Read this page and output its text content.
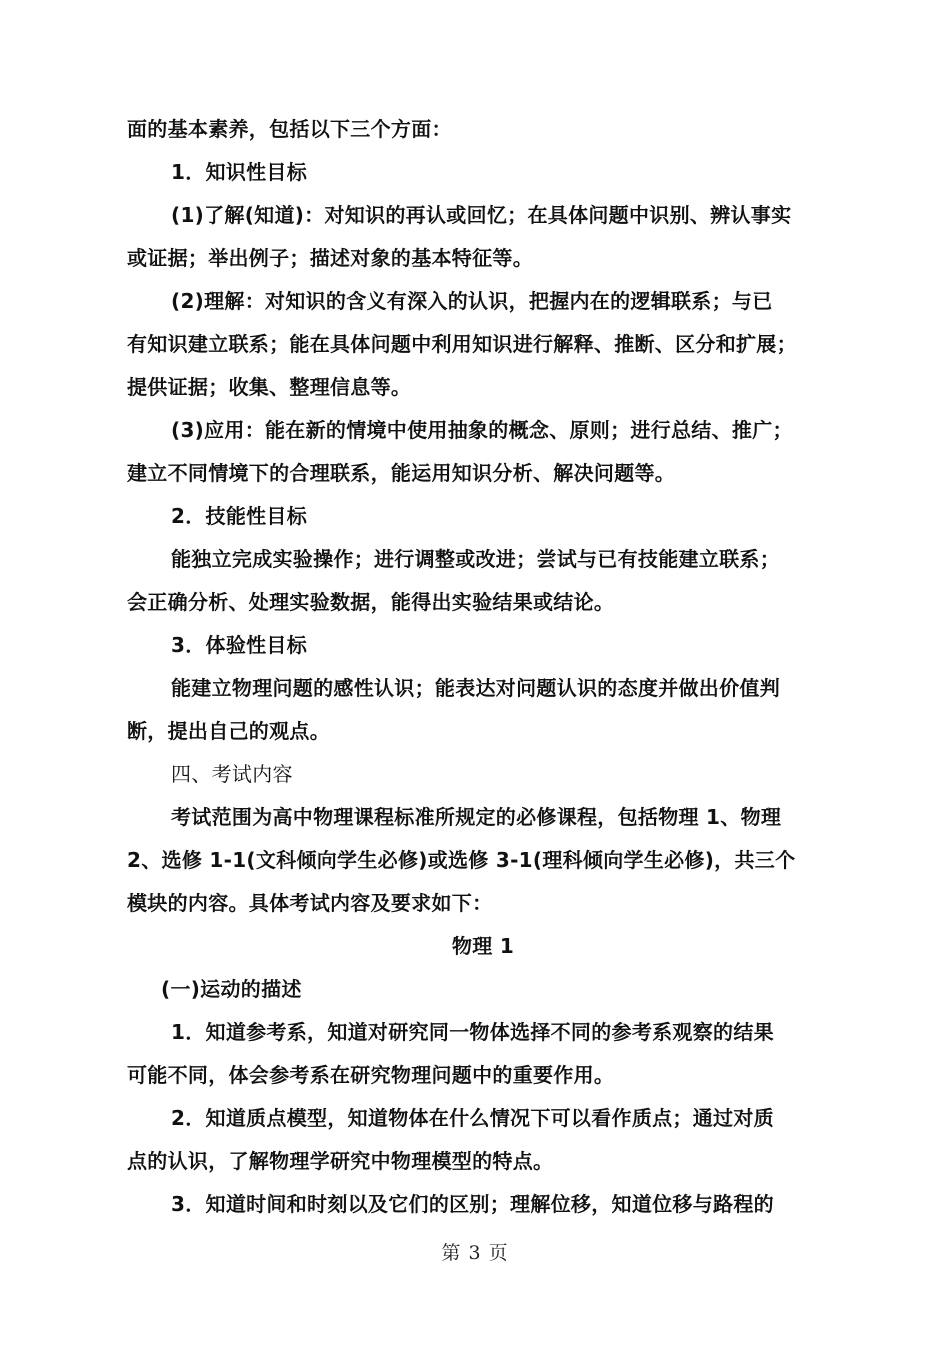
面的基本素养，包括以下三个方面：

1．知识性目标

(1)了解(知道)：对知识的再认或回忆；在具体问题中识别、辨认事实

或证据；举出例子；描述对象的基本特征等。

(2)理解：对知识的含义有深入的认识，把握内在的逻辑联系；与已

有知识建立联系；能在具体问题中利用知识进行解释、推断、区分和扩展；

提供证据；收集、整理信息等。

(3)应用：能在新的情境中使用抽象的概念、原则；进行总结、推广；

建立不同情境下的合理联系，能运用知识分析、解决问题等。

2．技能性目标

能独立完成实验操作；进行调整或改进；尝试与已有技能建立联系；

会正确分析、处理实验数据，能得出实验结果或结论。

3．体验性目标

能建立物理问题的感性认识；能表达对问题认识的态度并做出价值判

断，提出自己的观点。

四、考试内容

考试范围为高中物理课程标准所规定的必修课程，包括物理 1、物理

2、选修 1-1(文科倾向学生必修)或选修 3-1(理科倾向学生必修)，共三个

模块的内容。具体考试内容及要求如下：

物理 1

(一)运动的描述

1．知道参考系，知道对研究同一物体选择不同的参考系观察的结果

可能不同，体会参考系在研究物理问题中的重要作用。

2．知道质点模型，知道物体在什么情况下可以看作质点；通过对质

点的认识，了解物理学研究中物理模型的特点。

3．知道时间和时刻以及它们的区别；理解位移，知道位移与路程的

第 3 页
